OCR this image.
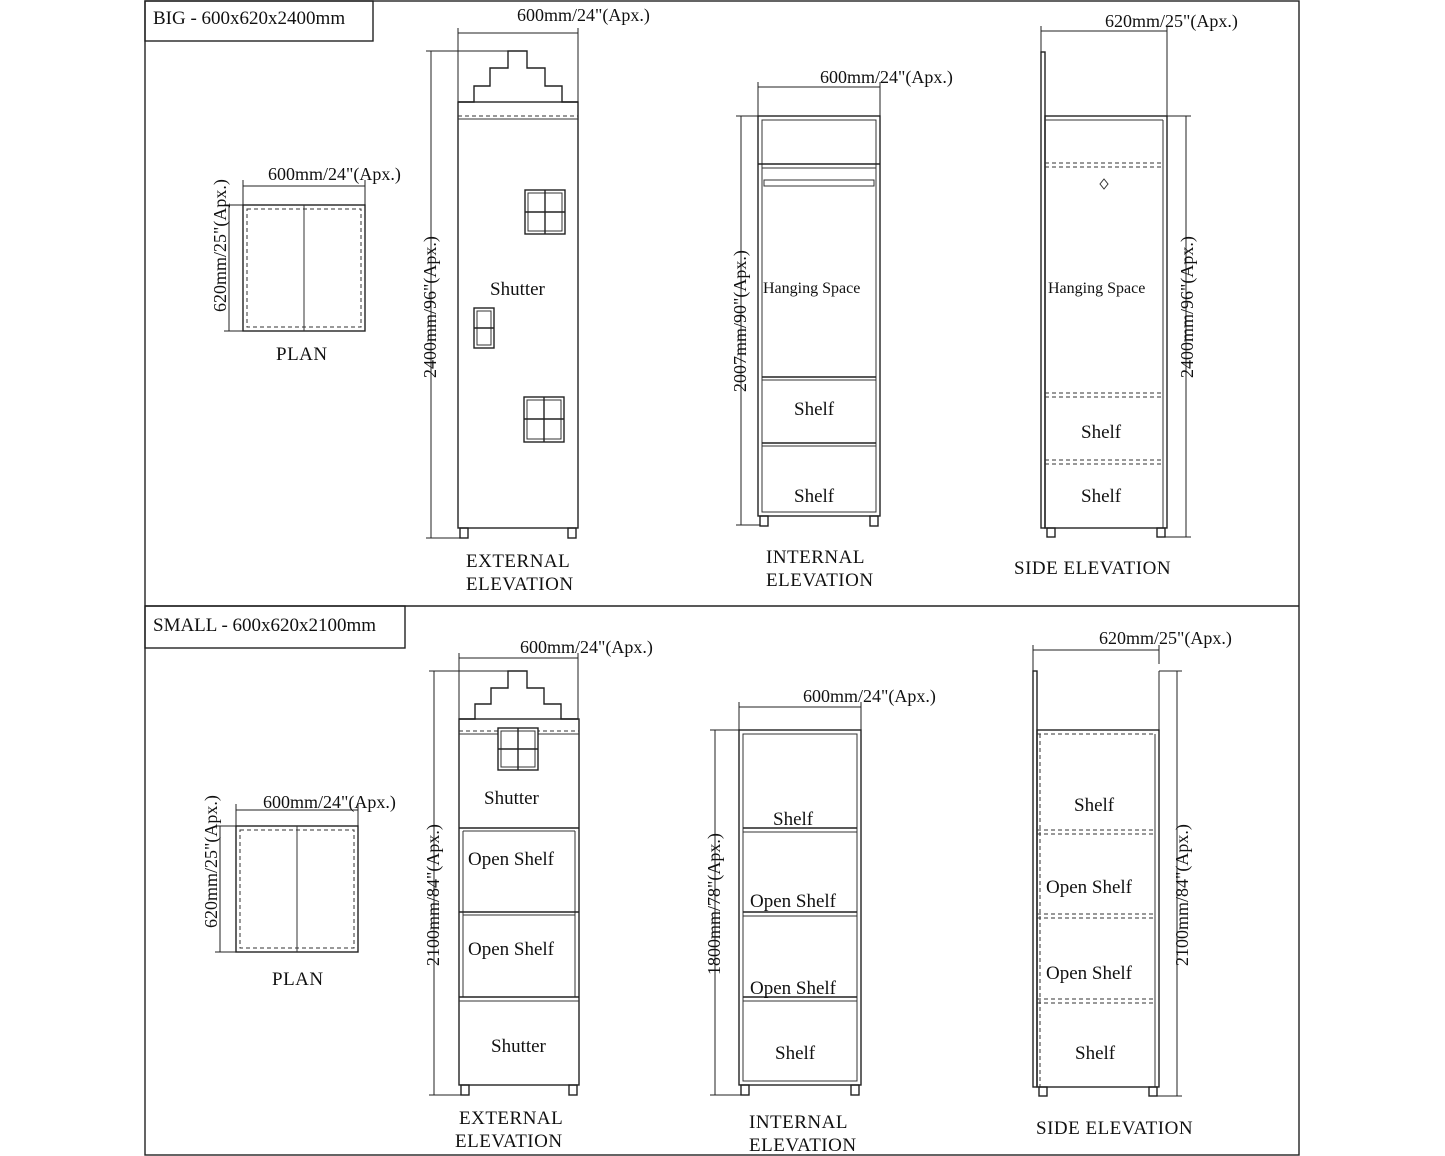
BIG - 600x620x2400mm
600mm/24"(Apx.)
620mm/25"(Apx.)
PLAN
600mm/24"(Apx.)
2400mm/96"(Apx.)	Shutter
EXTERNAL
ELEVATION
600mm/24"(Apx.)
2007mm/90"(Apx.) Hanging Space
Shelf
Shelf
INTERNAL
ELEVATION
620mm/25"(Apx.)
2400mm/96"(Apx.)
Hanging Space
Shelf
Shelf
SIDE ELEVATION
SMALL - 600x620x2100mm
600mm/24"(Apx.)
620mm/25"(Apx.)
PLAN
600mm/24"(Apx.)
2100mm/84"(Apx.)
Shutter
Open Shelf
Open Shelf
Shutter
EXTERNAL
ELEVATION
600mm/24"(Apx.)
1800mm/78"(Apx.)
Shelf
Open Shelf
Open Shelf
Shelf
INTERNAL
ELEVATION
620mm/25"(Apx.)
2100mm/84"(Apx.)
Shelf
Open Shelf
Open Shelf
Shelf
SIDE ELEVATION
